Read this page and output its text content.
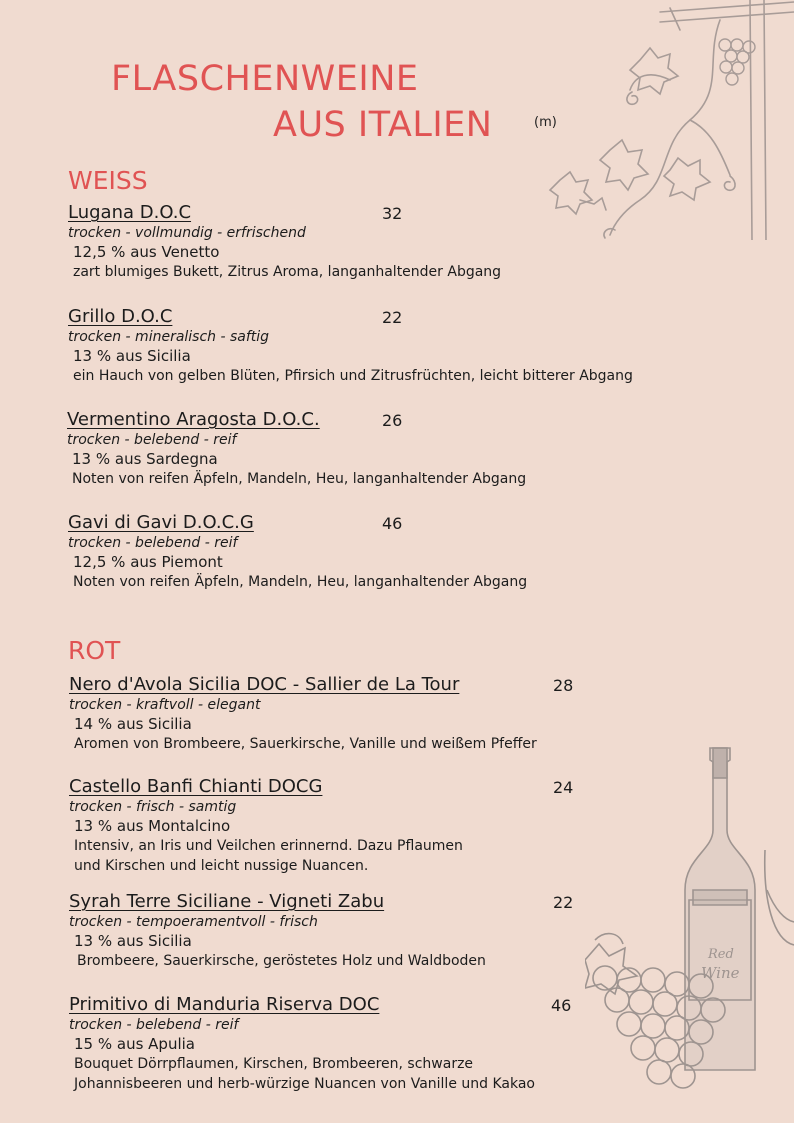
FLASCHENWEINE
AUS ITALIEN	(m)
WEISS
ROT
Lugana D.O.C	32
trocken - vollmundig - erfrischend
12,5 % aus Venetto
zart blumiges Bukett, Zitrus Aroma, langanhaltender Abgang
Grillo D.O.C	22
trocken - mineralisch - saftig
13 % aus Sicilia
ein Hauch von gelben Blüten, Pfirsich und Zitrusfrüchten, leicht bitterer Abgang
Vermentino Aragosta D.O.C.	26
trocken - belebend - reif
13 % aus Sardegna
Noten von reifen Äpfeln, Mandeln, Heu, langanhaltender Abgang
Gavi di Gavi D.O.C.G	46
trocken - belebend - reif
12,5 % aus Piemont
Noten von reifen Äpfeln, Mandeln, Heu, langanhaltender Abgang
Nero d'Avola Sicilia DOC - Sallier de La Tour	28
trocken - kraftvoll - elegant
14 % aus Sicilia
Aromen von Brombeere, Sauerkirsche, Vanille und weißem Pfeffer
Castello Banfi Chianti DOCG	24
trocken - frisch - samtig
13 % aus Montalcino
Intensiv, an Iris und Veilchen erinnernd. Dazu Pflaumen
und Kirschen und leicht nussige Nuancen.
Syrah Terre Siciliane - Vigneti Zabu	22
trocken - tempoeramentvoll - frisch
13 % aus Sicilia
Brombeere, Sauerkirsche, geröstetes Holz und Waldboden
Primitivo di Manduria Riserva DOC	46
trocken - belebend - reif
15 % aus Apulia
Bouquet Dörrpflaumen, Kirschen, Brombeeren, schwarze
Johannisbeeren und herb-würzige Nuancen von Vanille und Kakao
Red
Wine
